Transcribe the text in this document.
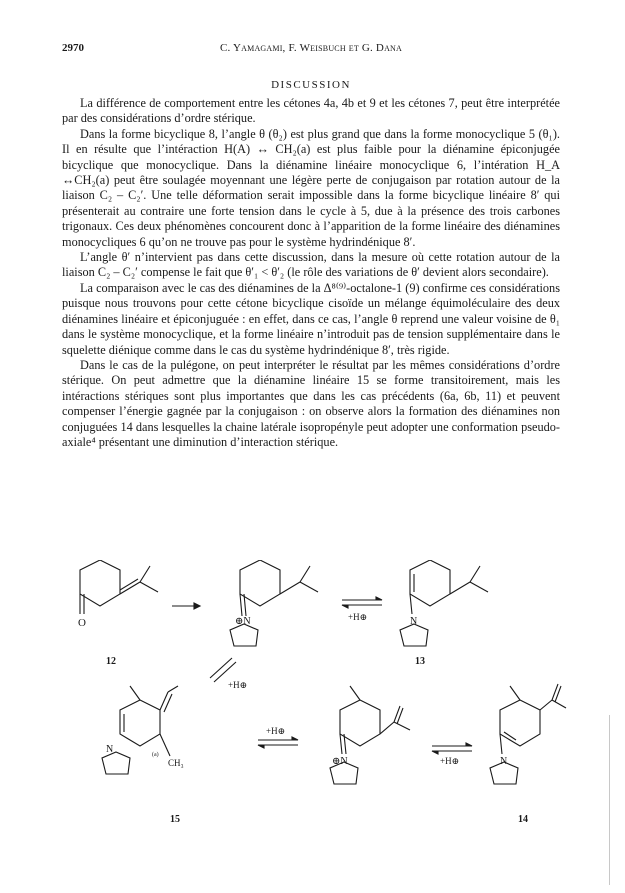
2970	C. Yamagami, F. Weisbuch et G. Dana
DISCUSSION

La différence de comportement entre les cétones 4a, 4b et 9 et les cétones 7, peut être interprétée par des considérations d’ordre stérique.

Dans la forme bicyclique 8, l’angle θ (θ₂) est plus grand que dans la forme monocyclique 5 (θ₁). Il en résulte que l’intéraction H(A) ↔ CH₂(a) est plus faible pour la diénamine épiconjugée bicyclique que monocyclique. Dans la diénamine linéaire monocyclique 6, l’intération H_A ↔CH₂(a) peut être soulagée moyennant une légère perte de conjugaison par rotation autour de la liaison C₂ – C₂′. Une telle déformation serait impossible dans la forme bicyclique linéaire 8′ qui présenterait au contraire une forte tension dans le cycle à 5, due à la présence des trois carbones trigonaux. Ces deux phénomènes concourent donc à l’apparition de la forme linéaire des diénamines monocycliques 6 qu’on ne trouve pas pour le système hydrindénique 8′.

L’angle θ′ n’intervient pas dans cette discussion, dans la mesure où cette rotation autour de la liaison C₂ – C₂′ compense le fait que θ′₁ < θ′₂ (le rôle des variations de θ′ devient alors secondaire).

La comparaison avec le cas des diénamines de la Δ⁸⁽⁹⁾-octalone-1 (9) confirme ces considérations puisque nous trouvons pour cette cétone bicyclique cisoïde un mélange équimoléculaire des deux diénamines linéaire et épiconjuguée : en effet, dans ce cas, l’angle θ reprend une valeur voisine de θ₁ dans le système monocyclique, et la forme linéaire n’introduit pas de tension supplémentaire dans le squelette diénique comme dans le cas du système hydrindénique 8′, très rigide.

Dans le cas de la pulégone, on peut interpréter le résultat par les mêmes considérations d’ordre stérique. On peut admettre que la diénamine linéaire 15 se forme transitoirement, mais les intéractions stériques sont plus importantes que dans les cas précédents (6a, 6b, 11) et peuvent compenser l’énergie gagnée par la conjugaison : on observe alors la formation des diénamines non conjuguées 14 dans lesquelles la chaine latérale isopropényle peut adopter une conformation pseudo-axiale⁴ présentant une diminution d’interaction stérique.

O
12
⊕N	+H⊕	N
13
+H⊕
N
CH₃
(a)
15
+H⊕
⊕N	+H⊕	N
14
